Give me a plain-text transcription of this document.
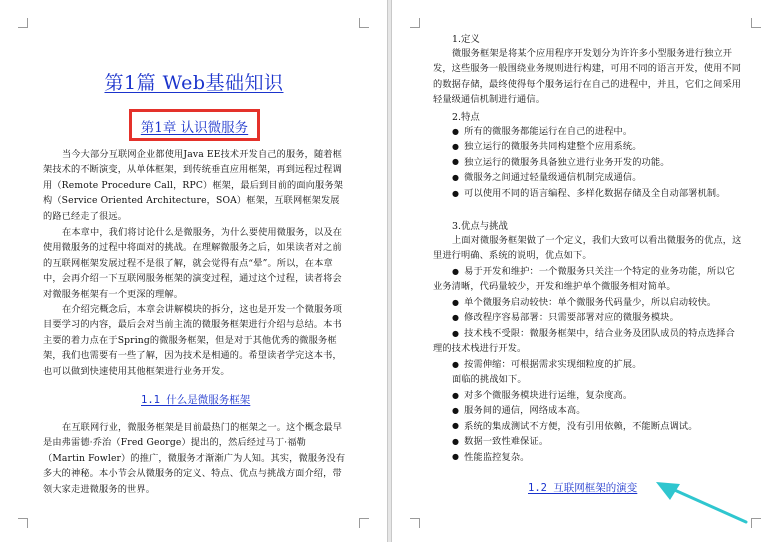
第1篇 Web基础知识
第1章 认识微服务
当今大部分互联网企业都使用Java EE技术开发自己的服务，随着框架技术的不断演变，从单体框架，到传统垂直应用框架，再到远程过程调用（Remote Procedure Call，RPC）框架，最后到目前的面向服务架构（Service Oriented Architecture，SOA）框架，互联网框架发展的路已经走了很远。
在本章中，我们将讨论什么是微服务，为什么要使用微服务，以及在使用微服务的过程中将面对的挑战。在理解微服务之后，如果读者对之前的互联网框架发展过程不是很了解，就会觉得有点“晕”。所以，在本章中，会再介绍一下互联网服务框架的演变过程，通过这个过程，读者将会对微服务框架有一个更深的理解。
在介绍完概念后，本章会讲解模块的拆分，这也是开发一个微服务项目要学习的内容，最后会对当前主流的微服务框架进行介绍与总结。本书主要的着力点在于Spring的微服务框架，但是对于其他优秀的微服务框架，我们也需要有一些了解，因为技术是相通的。希望读者学完这本书，也可以做到快速使用其他框架进行业务开发。
1.1 什么是微服务框架
在互联网行业，微服务框架是目前最热门的框架之一。这个概念最早是由弗雷德·乔治（Fred George）提出的，然后经过马丁·福勒（Martin Fowler）的推广，微服务才渐渐广为人知。其实，微服务没有多大的神秘。本小节会从微服务的定义、特点、优点与挑战方面介绍，带领大家走进微服务的世界。
1.定义
微服务框架是将某个应用程序开发划分为许许多小型服务进行独立开发，这些服务一般围绕业务规则进行构建，可用不同的语言开发，使用不同的数据存储，最终使得每个服务运行在自己的进程中，并且，它们之间采用轻量级通信机制进行通信。
2.特点
● 所有的微服务都能运行在自己的进程中。
● 独立运行的微服务共同构建整个应用系统。
● 独立运行的微服务具备独立进行业务开发的功能。
● 微服务之间通过轻量级通信机制完成通信。
● 可以使用不同的语言编程、多样化数据存储及全自动部署机制。
3.优点与挑战
上面对微服务框架做了一个定义，我们大致可以看出微服务的优点，这里进行明确、系统的说明，优点如下。
● 易于开发和维护：一个微服务只关注一个特定的业务功能，所以它业务清晰，代码量较少，开发和维护单个微服务相对简单。
● 单个微服务启动较快：单个微服务代码量少，所以启动较快。
● 修改程序容易部署：只需要部署对应的微服务模块。
● 技术栈不受限：微服务框架中，结合业务及团队成员的特点选择合理的技术栈进行开发。
● 按需伸缩：可根据需求实现细粒度的扩展。
面临的挑战如下。
● 对多个微服务模块进行运维，复杂度高。
● 服务间的通信，网络成本高。
● 系统的集成测试不方便，没有引用依赖，不能断点调试。
● 数据一致性难保证。
● 性能监控复杂。
1.2 互联网框架的演变
